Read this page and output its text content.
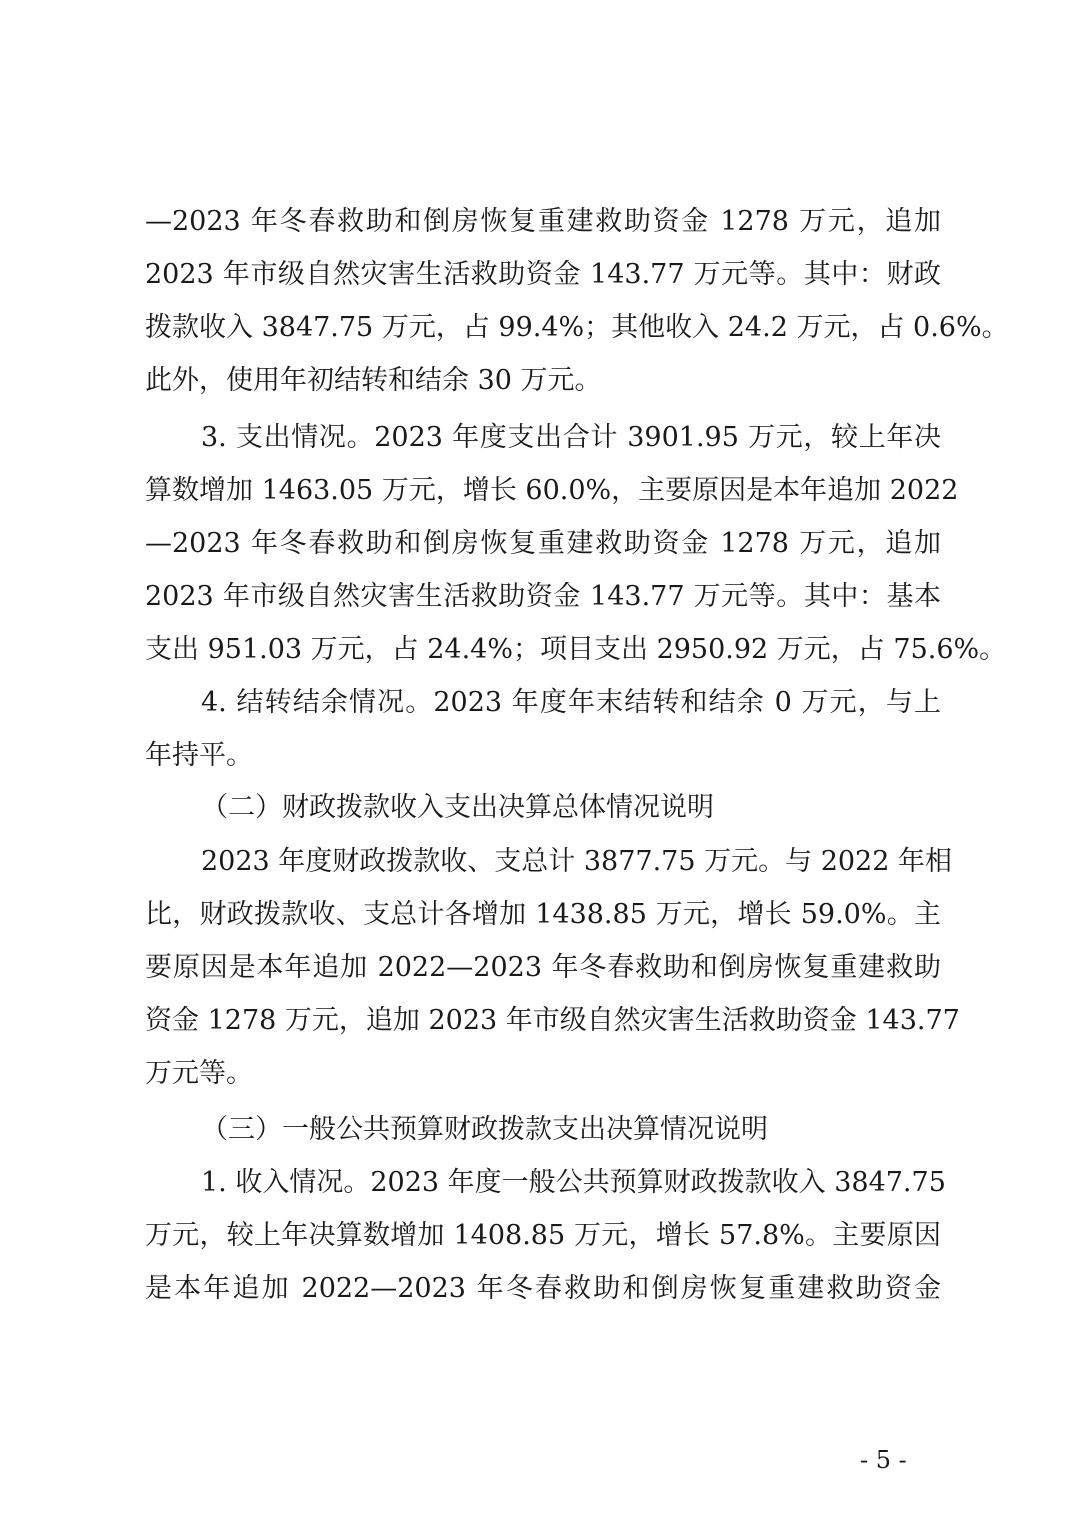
—2023 年冬春救助和倒房恢复重建救助资金 1278 万元，追加
2023 年市级自然灾害生活救助资金 143.77 万元等。其中：财政
拨款收入 3847.75 万元，占 99.4%；其他收入 24.2 万元，占 0.6%。
此外，使用年初结转和结余 30 万元。
3. 支出情况。2023 年度支出合计 3901.95 万元，较上年决
算数增加 1463.05 万元，增长 60.0%，主要原因是本年追加 2022
—2023 年冬春救助和倒房恢复重建救助资金 1278 万元，追加
2023 年市级自然灾害生活救助资金 143.77 万元等。其中：基本
支出 951.03 万元，占 24.4%；项目支出 2950.92 万元，占 75.6%。
4. 结转结余情况。2023 年度年末结转和结余 0 万元，与上
年持平。
（二）财政拨款收入支出决算总体情况说明
2023 年度财政拨款收、支总计 3877.75 万元。与 2022 年相
比，财政拨款收、支总计各增加 1438.85 万元，增长 59.0%。主
要原因是本年追加 2022—2023 年冬春救助和倒房恢复重建救助
资金 1278 万元，追加 2023 年市级自然灾害生活救助资金 143.77
万元等。
（三）一般公共预算财政拨款支出决算情况说明
1. 收入情况。2023 年度一般公共预算财政拨款收入 3847.75
万元，较上年决算数增加 1408.85 万元，增长 57.8%。主要原因
是本年追加 2022—2023 年冬春救助和倒房恢复重建救助资金
- 5 -
